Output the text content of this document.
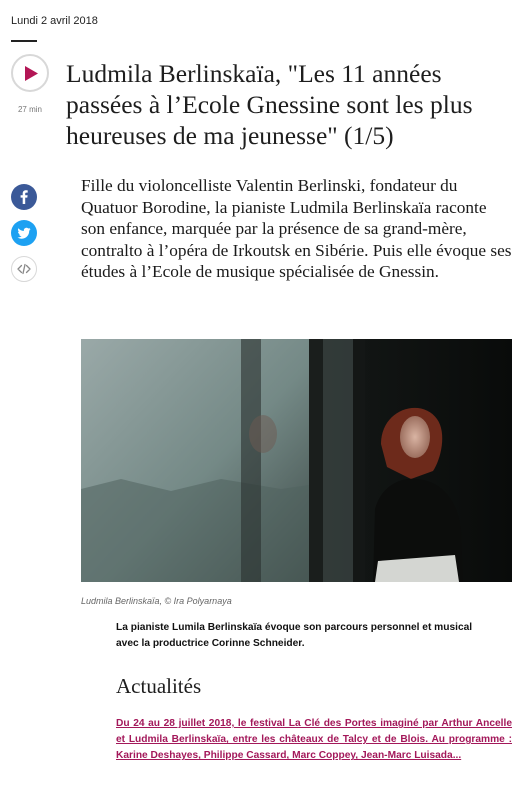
Lundi 2 avril 2018
27 min
Ludmila Berlinskaïa, "Les 11 années passées à l’Ecole Gnessine sont les plus heureuses de ma jeunesse" (1/5)

Fille du violoncelliste Valentin Berlinski, fondateur du Quatuor Borodine, la pianiste Ludmila Berlinskaïa raconte son enfance, marquée par la présence de sa grand-mère, contralto à l’opéra de Irkoutsk en Sibérie. Puis elle évoque ses études à l’Ecole de musique spécialisée de Gnessin.

Ludmila Berlinskaïa, © Ira Polyarnaya

La pianiste Lumila Berlinskaïa évoque son parcours personnel et musical avec la productrice Corinne Schneider.

Actualités
Du 24 au 28 juillet 2018, le festival La Clé des Portes imaginé par Arthur Ancelle et Ludmila Berlinskaïa, entre les châteaux de Talcy et de Blois. Au programme : Karine Deshayes, Philippe Cassard, Marc Coppey, Jean-Marc Luisada...
